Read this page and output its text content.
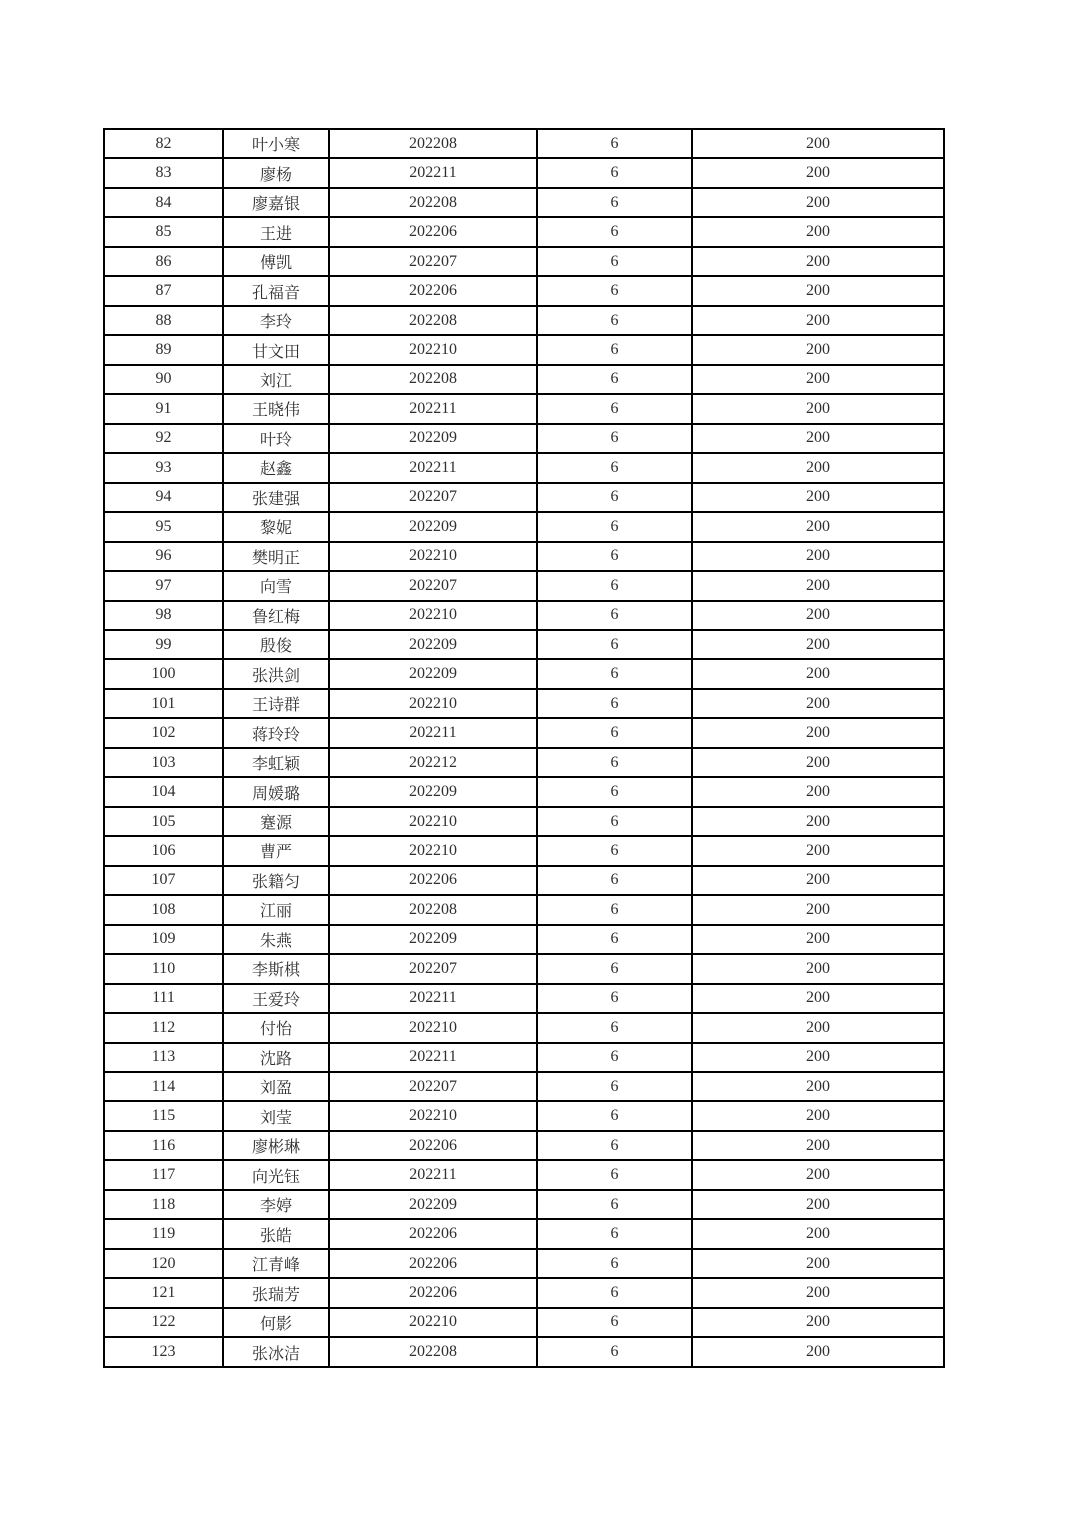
82	叶小寒	202208	6	200
83	廖杨	202211	6	200
84	廖嘉银	202208	6	200
85	王进	202206	6	200
86	傅凯	202207	6	200
87	孔福音	202206	6	200
88	李玲	202208	6	200
89	甘文田	202210	6	200
90	刘江	202208	6	200
91	王晓伟	202211	6	200
92	叶玲	202209	6	200
93	赵鑫	202211	6	200
94	张建强	202207	6	200
95	黎妮	202209	6	200
96	樊明正	202210	6	200
97	向雪	202207	6	200
98	鲁红梅	202210	6	200
99	殷俊	202209	6	200
100	张洪剑	202209	6	200
101	王诗群	202210	6	200
102	蒋玲玲	202211	6	200
103	李虹颖	202212	6	200
104	周媛璐	202209	6	200
105	蹇源	202210	6	200
106	曹严	202210	6	200
107	张籍匀	202206	6	200
108	江丽	202208	6	200
109	朱燕	202209	6	200
110	李斯棋	202207	6	200
111	王爱玲	202211	6	200
112	付怡	202210	6	200
113	沈路	202211	6	200
114	刘盈	202207	6	200
115	刘莹	202210	6	200
116	廖彬琳	202206	6	200
117	向光钰	202211	6	200
118	李婷	202209	6	200
119	张皓	202206	6	200
120	江青峰	202206	6	200
121	张瑞芳	202206	6	200
122	何影	202210	6	200
123	张冰洁	202208	6	200
